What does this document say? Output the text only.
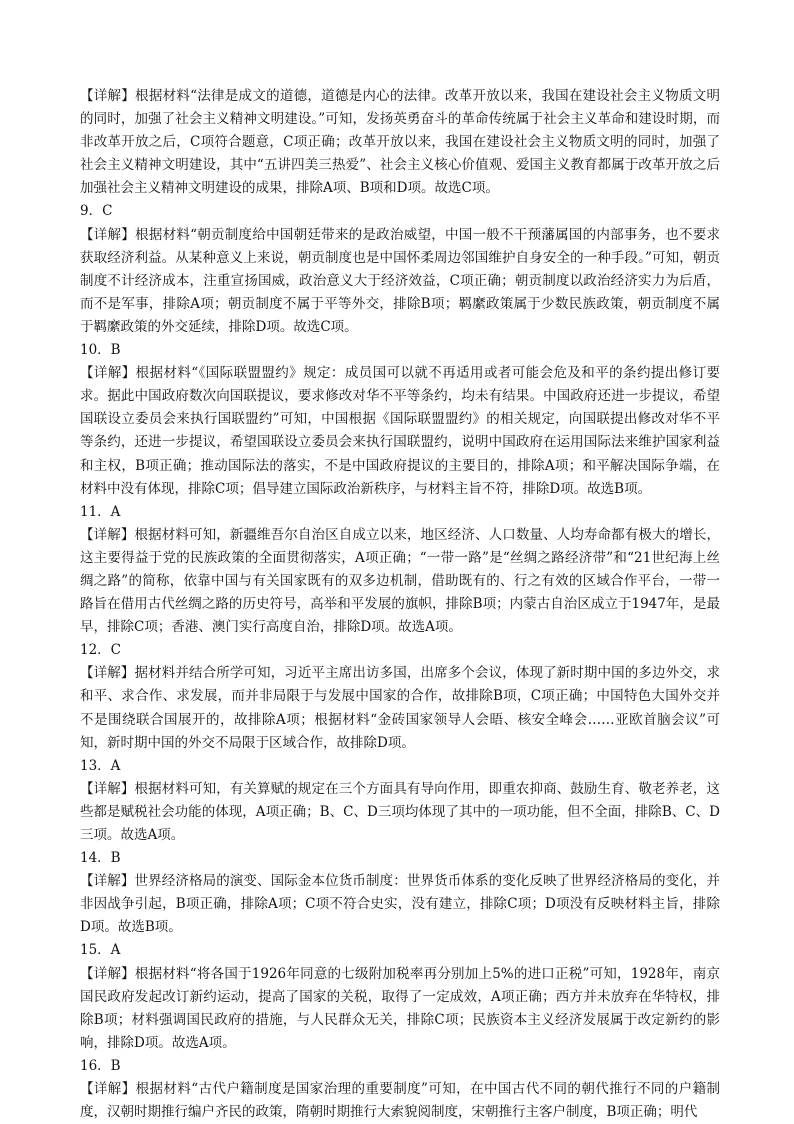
【详解】根据材料“法律是成文的道德，道德是内心的法律。改革开放以来，我国在建设社会主义物质文明的同时，加强了社会主义精神文明建设。”可知，发扬英勇奋斗的革命传统属于社会主义革命和建设时期，而非改革开放之后，C项符合题意，C项正确；改革开放以来，我国在建设社会主义物质文明的同时，加强了社会主义精神文明建设，其中“五讲四美三热爱”、社会主义核心价值观、爱国主义教育都属于改革开放之后加强社会主义精神文明建设的成果，排除A项、B项和D项。故选C项。

9．C

【详解】根据材料“朝贡制度给中国朝廷带来的是政治威望，中国一般不干预藩属国的内部事务，也不要求获取经济利益。从某种意义上来说，朝贡制度也是中国怀柔周边邻国维护自身安全的一种手段。”可知，朝贡制度不计经济成本，注重宣扬国威，政治意义大于经济效益，C项正确；朝贡制度以政治经济实力为后盾，而不是军事，排除A项；朝贡制度不属于平等外交，排除B项；羁縻政策属于少数民族政策，朝贡制度不属于羁縻政策的外交延续，排除D项。故选C项。

10．B

【详解】根据材料“《国际联盟盟约》规定：成员国可以就不再适用或者可能会危及和平的条约提出修订要求。据此中国政府数次向国联提议，要求修改对华不平等条约，均未有结果。中国政府还进一步提议，希望国联设立委员会来执行国联盟约”可知，中国根据《国际联盟盟约》的相关规定，向国联提出修改对华不平等条约，还进一步提议，希望国联设立委员会来执行国联盟约，说明中国政府在运用国际法来维护国家利益和主权，B项正确；推动国际法的落实，不是中国政府提议的主要目的，排除A项；和平解决国际争端，在材料中没有体现，排除C项；倡导建立国际政治新秩序，与材料主旨不符，排除D项。故选B项。

11．A

【详解】根据材料可知，新疆维吾尔自治区自成立以来，地区经济、人口数量、人均寿命都有极大的增长，这主要得益于党的民族政策的全面贯彻落实，A项正确；“一带一路”是“丝绸之路经济带”和“21世纪海上丝绸之路”的简称，依靠中国与有关国家既有的双多边机制，借助既有的、行之有效的区域合作平台，一带一路旨在借用古代丝绸之路的历史符号，高举和平发展的旗帜，排除B项；内蒙古自治区成立于1947年，是最早，排除C项；香港、澳门实行高度自治，排除D项。故选A项。

12．C

【详解】据材料并结合所学可知，习近平主席出访多国，出席多个会议，体现了新时期中国的多边外交，求和平、求合作、求发展，而并非局限于与发展中国家的合作，故排除B项，C项正确；中国特色大国外交并不是围绕联合国展开的，故排除A项；根据材料“金砖国家领导人会晤、核安全峰会……亚欧首脑会议”可知，新时期中国的外交不局限于区域合作，故排除D项。

13．A

【详解】根据材料可知，有关算赋的规定在三个方面具有导向作用，即重农抑商、鼓励生育、敬老养老，这些都是赋税社会功能的体现，A项正确；B、C、D三项均体现了其中的一项功能，但不全面，排除B、C、D三项。故选A项。

14．B

【详解】世界经济格局的演变、国际金本位货币制度：世界货币体系的变化反映了世界经济格局的变化，并非因战争引起，B项正确，排除A项；C项不符合史实，没有建立，排除C项；D项没有反映材料主旨，排除D项。故选B项。

15．A

【详解】根据材料“将各国于1926年同意的七级附加税率再分别加上5%的进口正税”可知，1928年，南京国民政府发起改订新约运动，提高了国家的关税，取得了一定成效，A项正确；西方并未放弃在华特权，排除B项；材料强调国民政府的措施，与人民群众无关，排除C项；民族资本主义经济发展属于改定新约的影响，排除D项。故选A项。

16．B

【详解】根据材料“古代户籍制度是国家治理的重要制度”可知，在中国古代不同的朝代推行不同的户籍制度，汉朝时期推行编户齐民的政策，隋朝时期推行大索貌阅制度，宋朝推行主客户制度，B项正确；明代
